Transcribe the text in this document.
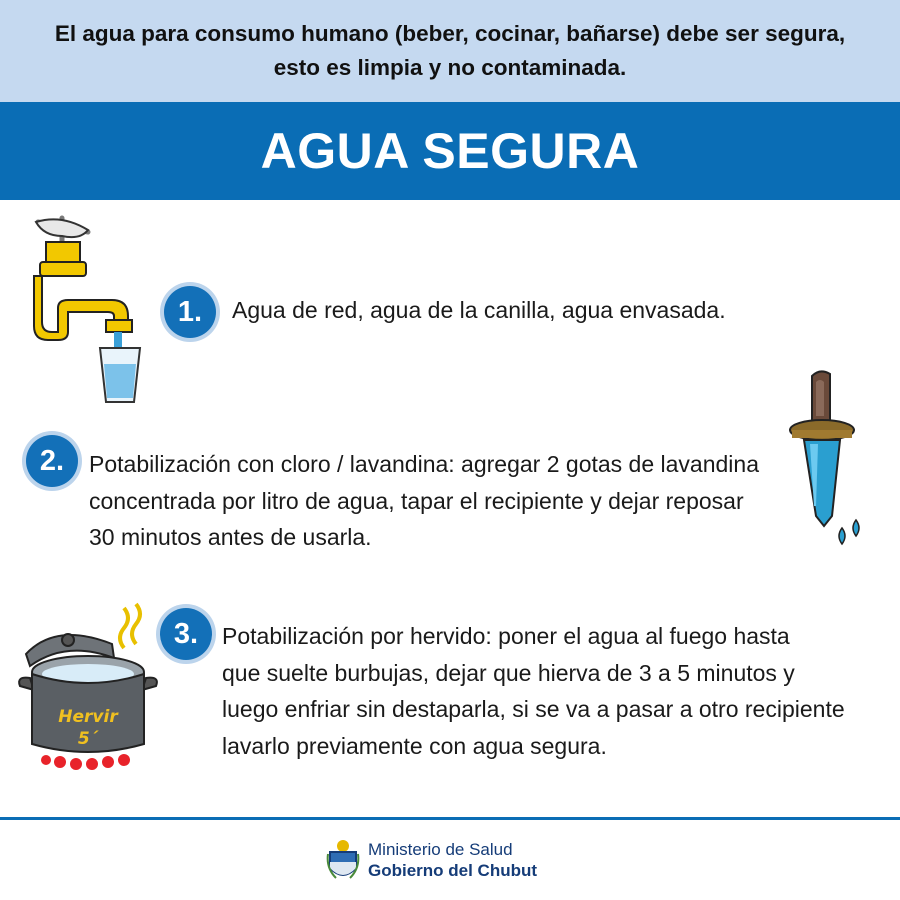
El agua para consumo humano (beber, cocinar, bañarse) debe ser segura,
esto es limpia y no contaminada.
AGUA SEGURA
1.	Agua de red, agua de la canilla, agua envasada.
2.	Potabilización con cloro / lavandina: agregar 2 gotas de lavandina
concentrada por litro de agua, tapar el recipiente y dejar reposar
30 minutos antes de usarla.
Hervir
5´
3.	Potabilización por hervido: poner el agua al fuego hasta
que suelte burbujas, dejar que hierva de 3 a 5 minutos y
luego enfriar sin destaparla, si se va a pasar a otro recipiente
lavarlo previamente con agua segura.
Ministerio de Salud
Gobierno del Chubut
